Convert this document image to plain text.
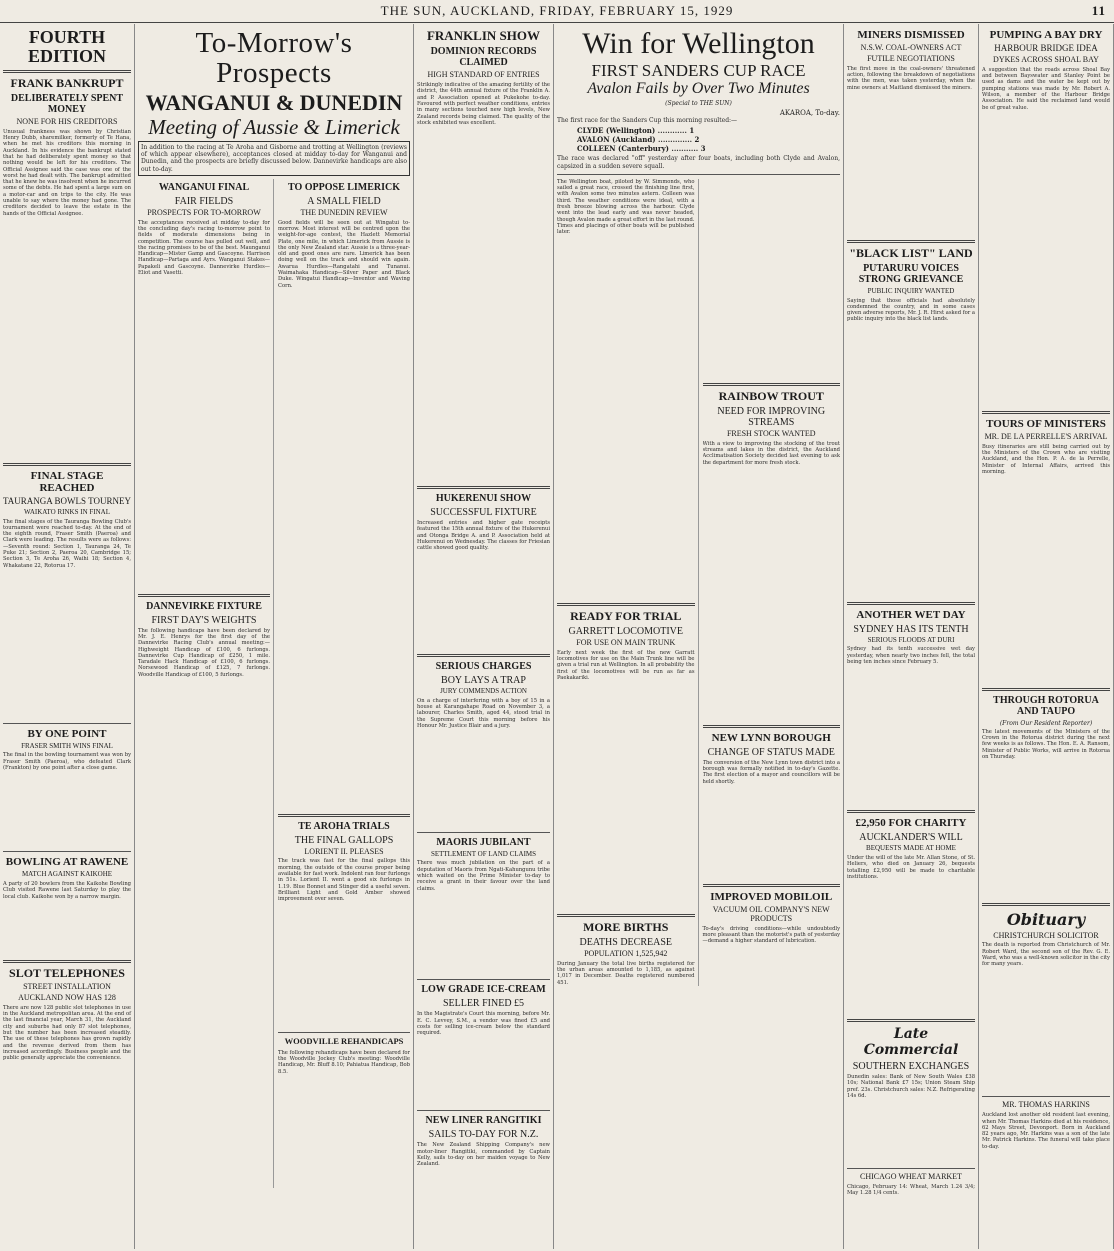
THE SUN, AUCKLAND, FRIDAY, FEBRUARY 15, 1929	11
FOURTH EDITION
FRANK BANKRUPT
DELIBERATELY SPENT MONEY
NONE FOR HIS CREDITORS

Unusual frankness was shown by Christian Henry Dubb, sharemilker, formerly of Te Hana, when he met his creditors this morning in Auckland. In his evidence the bankrupt stated that he had deliberately spent money so that nothing would be left for his creditors. The Official Assignee said the case was one of the worst he had dealt with. The bankrupt admitted that he knew he was insolvent when he incurred some of the debts. He had spent a large sum on a motor-car and on trips to the city. He was unable to say where the money had gone. The creditors decided to leave the estate in the hands of the Official Assignee.

FINAL STAGE REACHED
TAURANGA BOWLS TOURNEY
WAIKATO RINKS IN FINAL

The final stages of the Tauranga Bowling Club's tournament were reached to-day. At the end of the eighth round, Fraser Smith (Paeroa) and Clark were leading. The results were as follows:—Seventh round: Section 1, Tauranga 24, Te Puke 21; Section 2, Paeroa 20, Cambridge 15; Section 3, Te Aroha 26, Waihi 18; Section 4, Whakatane 22, Rotorua 17.

BY ONE POINT
FRASER SMITH WINS FINAL

The final in the bowling tournament was won by Fraser Smith (Paeroa), who defeated Clark (Frankton) by one point after a close game.

BOWLING AT RAWENE
MATCH AGAINST KAIKOHE

A party of 20 bowlers from the Kaikohe Bowling Club visited Rawene last Saturday to play the local club. Kaikohe won by a narrow margin.

SLOT TELEPHONES
STREET INSTALLATION
AUCKLAND NOW HAS 128

There are now 128 public slot telephones in use in the Auckland metropolitan area. At the end of the last financial year, March 31, the Auckland city and suburbs had only 87 slot telephones, but the number has been increased steadily. The use of these telephones has grown rapidly and the revenue derived from them has increased accordingly. Business people and the public generally appreciate the convenience.

To-Morrow's Prospects
WANGANUI & DUNEDIN
Meeting of Aussie & Limerick

In addition to the racing at Te Aroha and Gisborne and trotting at Wellington (reviews of which appear elsewhere), acceptances closed at midday to-day for Wanganui and Dunedin, and the prospects are briefly discussed below. Dannevirke handicaps are also out to-day.

WANGANUI FINAL
FAIR FIELDS
PROSPECTS FOR TO-MORROW

The acceptances received at midday to-day for the concluding day's racing to-morrow point to fields of moderate dimensions being in competition. The course has pulled out well, and the racing promises to be of the best. Maunganui Handicap—Mister Gamp and Gascoyne. Harrison Handicap—Partaga and Ayrs. Wanganui Stakes—Papakeli and Gascoyne. Dannevirke Hurdles—Eliot and Vasetti.

DANNEVIRKE FIXTURE
FIRST DAY'S WEIGHTS

The following handicaps have been declared by Mr. J. E. Henrys for the first day of the Dannevirke Racing Club's annual meeting:— Highweight Handicap of £100, 6 furlongs. Dannevirke Cup Handicap of £250, 1 mile. Taradale Hack Handicap of £100, 6 furlongs. Norsewood Handicap of £125, 7 furlongs. Woodville Handicap of £100, 5 furlongs.

TO OPPOSE LIMERICK
A SMALL FIELD
THE DUNEDIN REVIEW

Good fields will be seen out at Wingatui to-morrow. Most interest will be centred upon the weight-for-age contest, the Hazlett Memorial Plate, one mile, in which Limerick from Aussie is the only New Zealand star. Aussie is a three-year-old and good ones are rare. Limerick has been doing well on the track and should win again. Awarua Hurdles—Rangatahi and Tunanui. Waimahaka Handicap—Silver Paper and Black Duke. Wingatui Handicap—Inventor and Waving Corn.

TE AROHA TRIALS
THE FINAL GALLOPS
LORIENT II. PLEASES

The track was fast for the final gallops this morning, the outside of the course proper being available for fast work. Indolent ran four furlongs in 51s. Lorient II. went a good six furlongs in 1.19. Blue Bonnet and Stinger did a useful seven. Brilliant Light and Gold Amber showed improvement over seven.

WOODVILLE REHANDICAPS

The following rehandicaps have been declared for the Woodville Jockey Club's meeting: Woodville Handicap, Mr. Bluff 8.10; Pahiatua Handicap, Bob 8.5.

FRANKLIN SHOW
DOMINION RECORDS CLAIMED
HIGH STANDARD OF ENTRIES

Strikingly indicative of the amazing fertility of the district, the 44th annual fixture of the Franklin A. and P. Association opened at Pukekohe to-day. Favoured with perfect weather conditions, entries in many sections touched new high levels, New Zealand records being claimed. The quality of the stock exhibited was excellent.

HUKERENUI SHOW
SUCCESSFUL FIXTURE

Increased entries and higher gate receipts featured the 15th annual fixture of the Hukerenui and Otonga Bridge A. and P. Association held at Hukerenui on Wednesday. The classes for Friesian cattle showed good quality.

SERIOUS CHARGES
BOY LAYS A TRAP
JURY COMMENDS ACTION

On a charge of interfering with a boy of 15 in a house at Karangahape Road on November 3, a labourer, Charles Smith, aged 44, stood trial in the Supreme Court this morning before his Honour Mr. Justice Blair and a jury.

MAORIS JUBILANT
SETTLEMENT OF LAND CLAIMS

There was much jubilation on the part of a deputation of Maoris from Ngati-Kahungunu tribe which waited on the Prime Minister to-day to receive a grant in their favour over the land claims.

LOW GRADE ICE-CREAM
SELLER FINED £5

In the Magistrate's Court this morning, before Mr. E. C. Levvey, S.M., a vendor was fined £5 and costs for selling ice-cream below the standard required.

NEW LINER RANGITIKI
SAILS TO-DAY FOR N.Z.

The New Zealand Shipping Company's new motor-liner Rangitiki, commanded by Captain Kelly, sails to-day on her maiden voyage to New Zealand.

Win for Wellington
FIRST SANDERS CUP RACE
Avalon Fails by Over Two Minutes
(Special to THE SUN)
AKAROA, To-day.

The first race for the Sanders Cup this morning resulted:—

CLYDE (Wellington) ............ 1
AVALON (Auckland) .............. 2
COLLEEN (Canterbury) ........... 3

The race was declared "off" yesterday after four boats, including both Clyde and Avalon, capsized in a sudden severe squall.

The Wellington boat, piloted by W. Simmonds, who sailed a great race, crossed the finishing line first, with Avalon some two minutes astern. Colleen was third. The weather conditions were ideal, with a fresh breeze blowing across the harbour. Clyde went into the lead early and was never headed, though Avalon made a great effort in the last round. Times and placings of other boats will be published later.

READY FOR TRIAL
GARRETT LOCOMOTIVE
FOR USE ON MAIN TRUNK

Early next week the first of the new Garratt locomotives for use on the Main Trunk line will be given a trial run at Wellington. In all probability the first of the locomotives will be run as far as Paekakariki.

MORE BIRTHS
DEATHS DECREASE
POPULATION 1,525,942

During January the total live births registered for the urban areas amounted to 1,185, as against 1,017 in December. Deaths registered numbered 451.

RAINBOW TROUT
NEED FOR IMPROVING STREAMS
FRESH STOCK WANTED

With a view to improving the stocking of the trout streams and lakes in the district, the Auckland Acclimatisation Society decided last evening to ask the department for more fresh stock.

NEW LYNN BOROUGH
CHANGE OF STATUS MADE

The conversion of the New Lynn town district into a borough was formally notified in to-day's Gazette. The first election of a mayor and councillors will be held shortly.

IMPROVED MOBILOIL
VACUUM OIL COMPANY'S NEW PRODUCTS

To-day's driving conditions—while undoubtedly more pleasant than the motorist's path of yesterday—demand a higher standard of lubrication.

MINERS DISMISSED
N.S.W. COAL-OWNERS ACT
FUTILE NEGOTIATIONS

The first move in the coal-owners' threatened action, following the breakdown of negotiations with the men, was taken yesterday, when the mine owners at Maitland dismissed the miners.

"BLACK LIST" LAND
PUTARURU VOICES STRONG GRIEVANCE
PUBLIC INQUIRY WANTED

Saying that those officials had absolutely condemned the country, and in some cases given adverse reports, Mr. J. R. Hirst asked for a public inquiry into the black list lands.

ANOTHER WET DAY
SYDNEY HAS ITS TENTH
SERIOUS FLOODS AT DURI

Sydney had its tenth successive wet day yesterday, when nearly two inches fell, the total being ten inches since February 5.

£2,950 FOR CHARITY
AUCKLANDER'S WILL
BEQUESTS MADE AT HOME

Under the will of the late Mr. Allan Stone, of St. Heliers, who died on January 26, bequests totalling £2,950 will be made to charitable institutions.

Late Commercial
SOUTHERN EXCHANGES

Dunedin sales: Bank of New South Wales £38 10s; National Bank £7 15s; Union Steam Ship pref. 23s. Christchurch sales: N.Z. Refrigerating 14s 6d.

CHICAGO WHEAT MARKET

Chicago, February 14: Wheat, March 1.24 3/4; May 1.28 1/4 cents.

PUMPING A BAY DRY
HARBOUR BRIDGE IDEA
DYKES ACROSS SHOAL BAY

A suggestion that the roads across Shoal Bay and between Bayswater and Stanley Point be used as dams and the water be kept out by pumping stations was made by Mr. Robert A. Wilson, a member of the Harbour Bridge Association. He said the reclaimed land would be of great value.

TOURS OF MINISTERS
MR. DE LA PERRELLE'S ARRIVAL

Busy itineraries are still being carried out by the Ministers of the Crown who are visiting Auckland, and the Hon. P. A. de la Perrelle, Minister of Internal Affairs, arrived this morning.

THROUGH ROTORUA AND TAUPO
(From Our Resident Reporter)

The latest movements of the Ministers of the Crown in the Rotorua district during the next few weeks is as follows. The Hon. E. A. Ransom, Minister of Public Works, will arrive in Rotorua on Thursday.

Obituary
CHRISTCHURCH SOLICITOR

The death is reported from Christchurch of Mr. Robert Ward, the second son of the Rev. G. E. Ward, who was a well-known solicitor in the city for many years.

MR. THOMAS HARKINS

Auckland lost another old resident last evening, when Mr. Thomas Harkins died at his residence, 62 Mays Street, Devonport. Born in Auckland 82 years ago, Mr. Harkins was a son of the late Mr. Patrick Harkins. The funeral will take place to-day.
